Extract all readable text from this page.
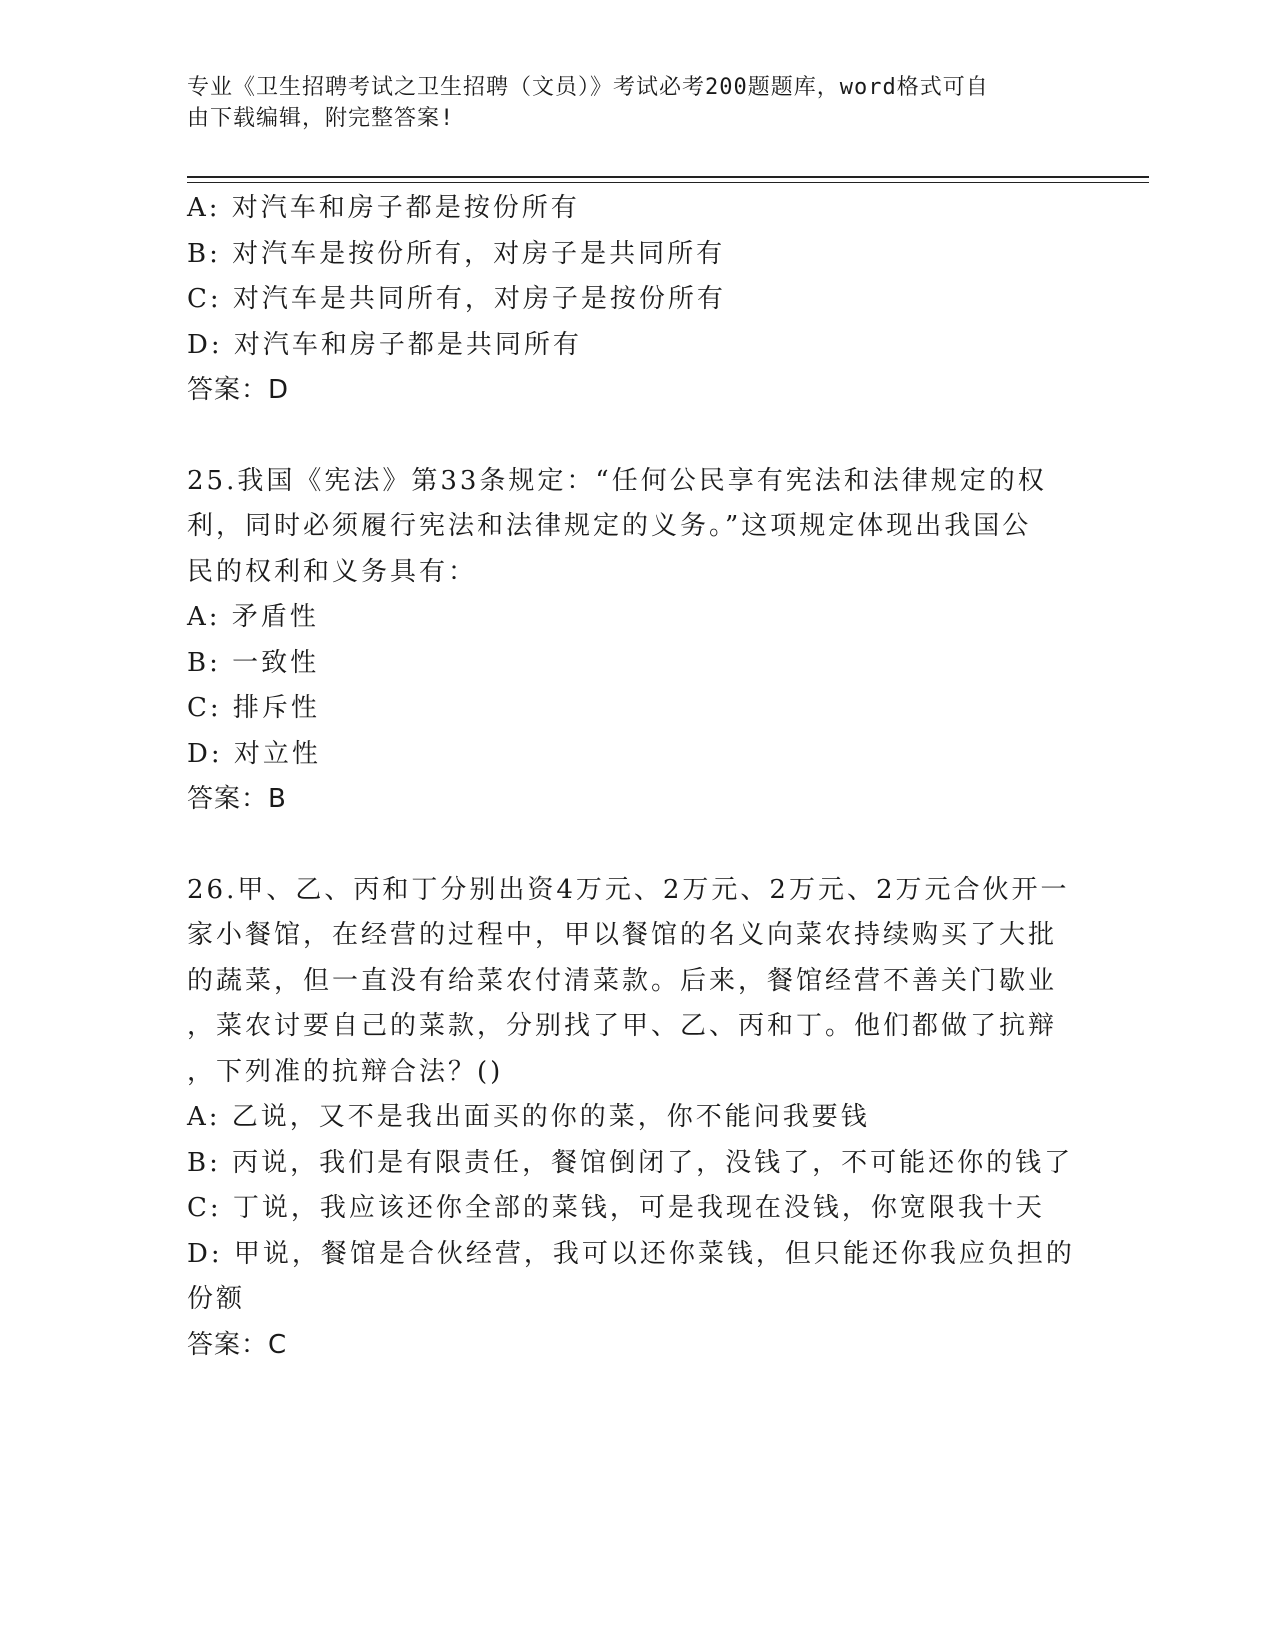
专业《卫生招聘考试之卫生招聘（文员）》考试必考200题题库，word格式可自
由下载编辑，附完整答案!

A: 对汽车和房子都是按份所有

B: 对汽车是按份所有，对房子是共同所有

C: 对汽车是共同所有，对房子是按份所有

D: 对汽车和房子都是共同所有

答案：D

25.我国《宪法》第33条规定：“任何公民享有宪法和法律规定的权

利，同时必须履行宪法和法律规定的义务。”这项规定体现出我国公

民的权利和义务具有：

A: 矛盾性

B: 一致性

C: 排斥性

D: 对立性

答案：B

26.甲、乙、丙和丁分别出资4万元、2万元、2万元、2万元合伙开一

家小餐馆，在经营的过程中，甲以餐馆的名义向菜农持续购买了大批

的蔬菜，但一直没有给菜农付清菜款。后来，餐馆经营不善关门歇业

，菜农讨要自己的菜款，分别找了甲、乙、丙和丁。他们都做了抗辩

，下列准的抗辩合法？()

A: 乙说，又不是我出面买的你的菜，你不能问我要钱

B: 丙说，我们是有限责任，餐馆倒闭了，没钱了，不可能还你的钱了

C: 丁说，我应该还你全部的菜钱，可是我现在没钱，你宽限我十天

D: 甲说，餐馆是合伙经营，我可以还你菜钱，但只能还你我应负担的

份额

答案：C
